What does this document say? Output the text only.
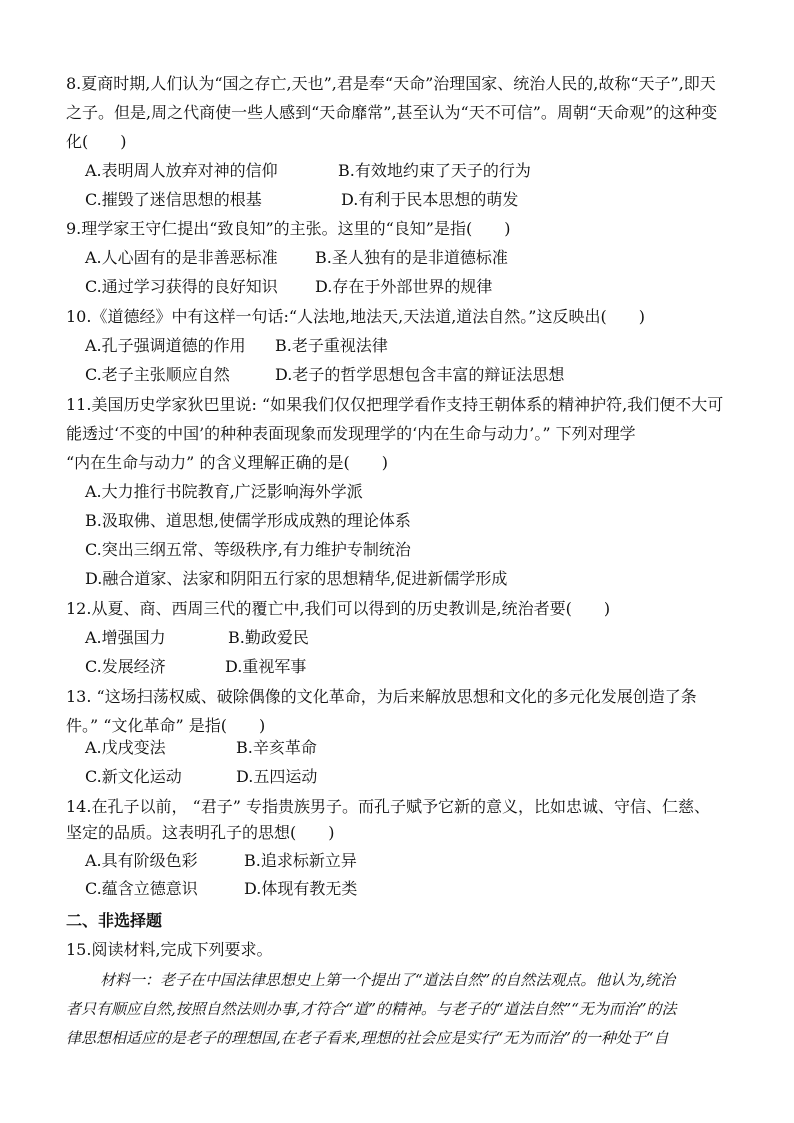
8.夏商时期,人们认为“国之存亡,天也”,君是奉“天命”治理国家、统治人民的,故称“天子”,即天
之子。但是,周之代商使一些人感到“天命靡常”,甚至认为“天不可信”。周朝“天命观”的这种变
化(　　)
A.表明周人放弃对神的信仰	B.有效地约束了天子的行为
C.摧毁了迷信思想的根基	D.有利于民本思想的萌发
9.理学家王守仁提出“致良知”的主张。这里的“良知”是指(　　)
A.人心固有的是非善恶标准 B.圣人独有的是非道德标准
C.通过学习获得的良好知识 D.存在于外部世界的规律
10.《道德经》中有这样一句话:“人法地,地法天,天法道,道法自然。”这反映出(　　)
A.孔子强调道德的作用 B.老子重视法律
C.老子主张顺应自然	D.老子的哲学思想包含丰富的辩证法思想
11.美国历史学家狄巴里说: “如果我们仅仅把理学看作支持王朝体系的精神护符,我们便不大可
能透过‘不变的中国’的种种表面现象而发现理学的‘内在生命与动力’。” 下列对理学
“内在生命与动力” 的含义理解正确的是(　　)
A.大力推行书院教育,广泛影响海外学派
B.汲取佛、道思想,使儒学形成成熟的理论体系
C.突出三纲五常、等级秩序,有力维护专制统治
D.融合道家、法家和阴阳五行家的思想精华,促进新儒学形成
12.从夏、商、西周三代的覆亡中,我们可以得到的历史教训是,统治者要(　　)
A.增强国力	B.勤政爱民
C.发展经济	D.重视军事
13. “这场扫荡权威、破除偶像的文化革命，为后来解放思想和文化的多元化发展创造了条
件。” “文化革命” 是指(　　)
A.戊戌变法	B.辛亥革命
C.新文化运动	D.五四运动
14.在孔子以前， “君子” 专指贵族男子。而孔子赋予它新的意义，比如忠诚、守信、仁慈、
坚定的品质。这表明孔子的思想(　　)
A.具有阶级色彩	B.追求标新立异
C.蕴含立德意识	D.体现有教无类
二、非选择题
15.阅读材料,完成下列要求。
材料一：老子在中国法律思想史上第一个提出了“道法自然”的自然法观点。他认为,统治
者只有顺应自然,按照自然法则办事,才符合“道”的精神。与老子的“道法自然”“无为而治”的法
律思想相适应的是老子的理想国,在老子看来,理想的社会应是实行“无为而治”的一种处于“自
